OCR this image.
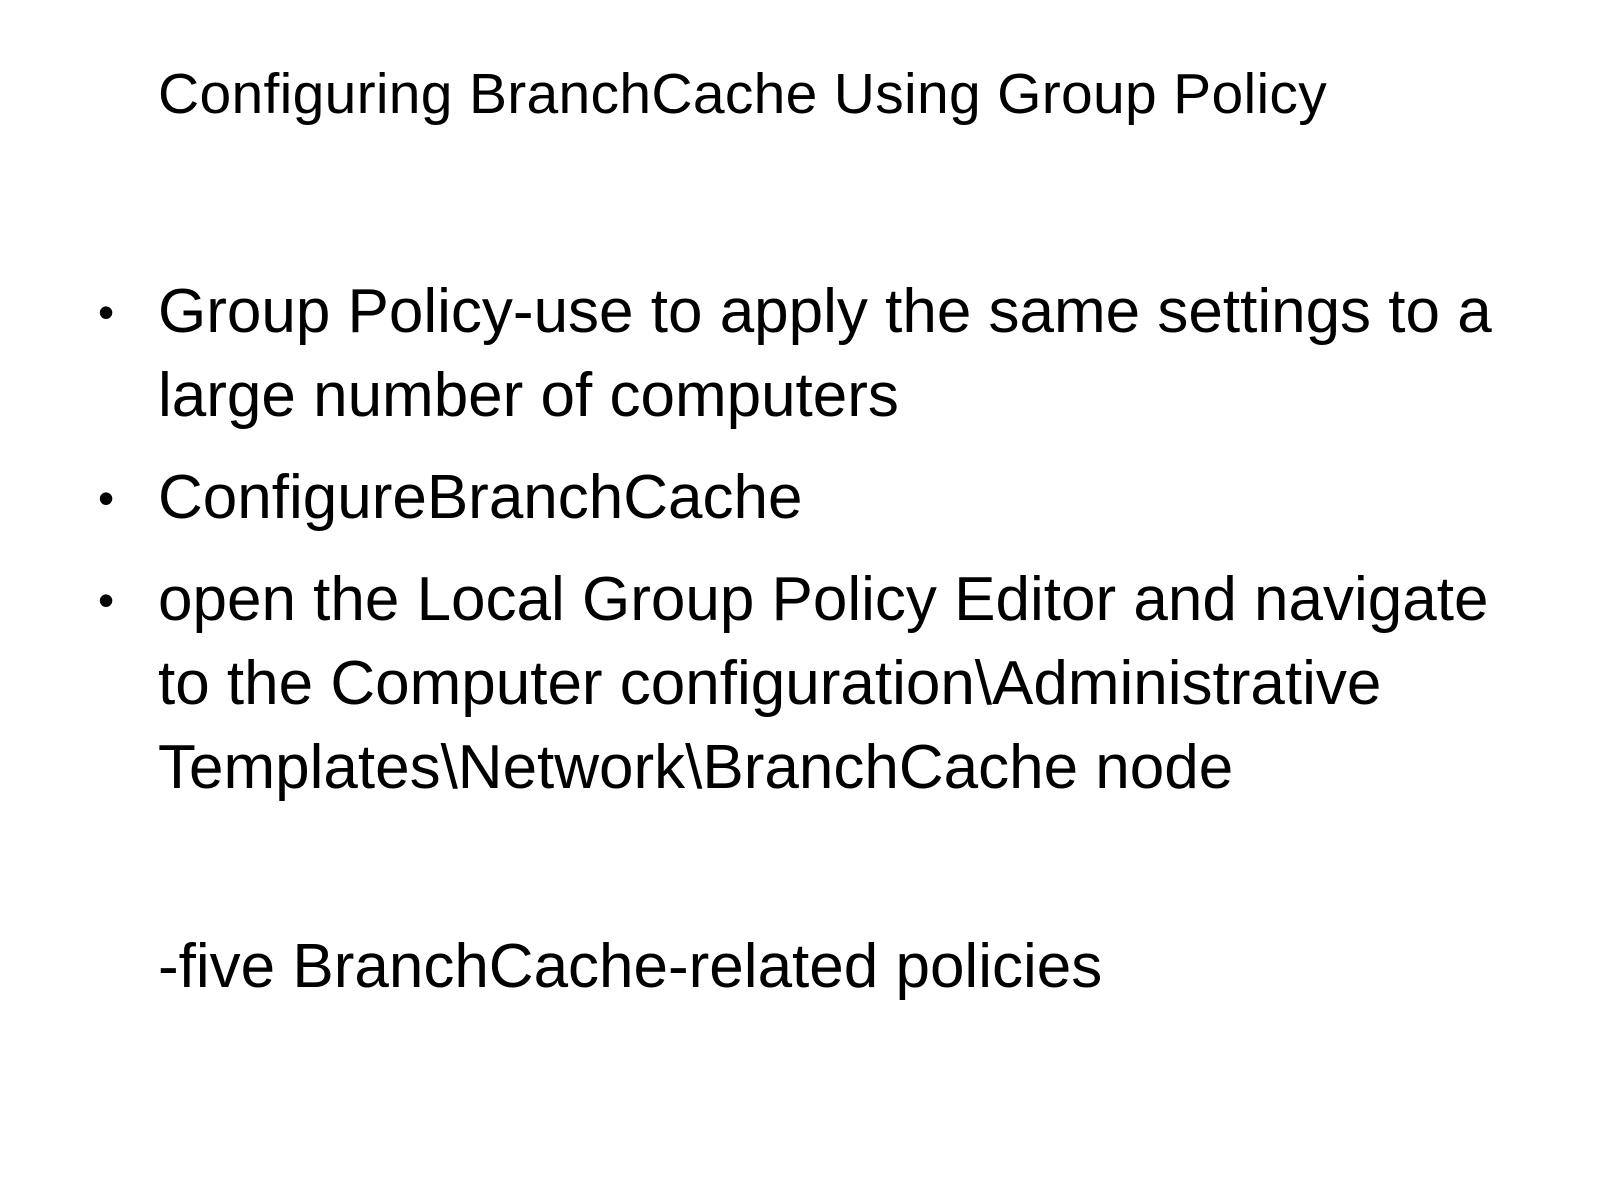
Configuring BranchCache Using Group Policy
• Group Policy-use to apply the same settings to a large number of computers
• ConfigureBranchCache
• open the Local Group Policy Editor and navigate to the Computer configuration\Administrative Templates\Network\BranchCache node
-five BranchCache-related policies
